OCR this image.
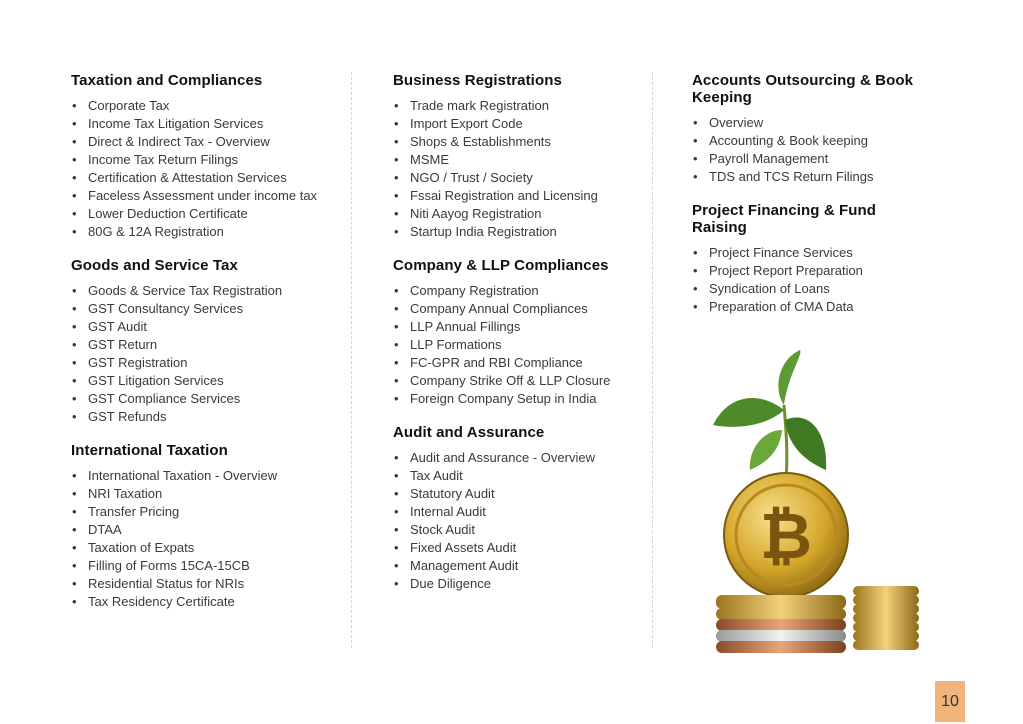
Taxation and Compliances
• Corporate Tax
• Income Tax Litigation Services
• Direct & Indirect Tax - Overview
• Income Tax Return Filings
• Certification & Attestation Services
• Faceless Assessment under income tax
• Lower Deduction Certificate
• 80G & 12A Registration
Goods and Service Tax
• Goods & Service Tax Registration
• GST Consultancy Services
• GST Audit
• GST Return
• GST Registration
• GST Litigation Services
• GST Compliance Services
• GST Refunds
International Taxation
• International Taxation - Overview
• NRI Taxation
• Transfer Pricing
• DTAA
• Taxation of Expats
• Filling of Forms 15CA-15CB
• Residential Status for NRIs
• Tax Residency Certificate
Business Registrations
• Trade mark Registration
• Import Export Code
• Shops & Establishments
• MSME
• NGO / Trust / Society
• Fssai Registration and Licensing
• Niti Aayog Registration
• Startup India Registration
Company & LLP Compliances
• Company Registration
• Company Annual Compliances
• LLP Annual Fillings
• LLP Formations
• FC-GPR and RBI Compliance
• Company Strike Off & LLP Closure
• Foreign Company Setup in India
Audit and Assurance
• Audit and Assurance - Overview
• Tax Audit
• Statutory Audit
• Internal Audit
• Stock Audit
• Fixed Assets Audit
• Management Audit
• Due Diligence
Accounts Outsourcing & Book Keeping
• Overview
• Accounting & Book keeping
• Payroll Management
• TDS and TCS Return Filings
Project Financing & Fund Raising
• Project Finance Services
• Project Report Preparation
• Syndication of Loans
• Preparation of CMA Data
₿
10
